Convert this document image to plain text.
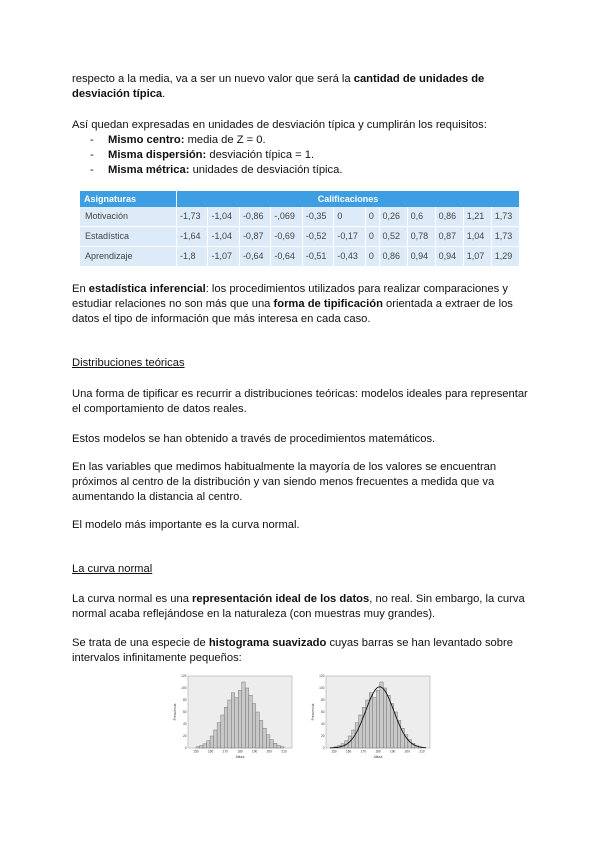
respecto a la media, va a ser un nuevo valor que será la cantidad de unidades de desviación típica.

Así quedan expresadas en unidades de desviación típica y cumplirán los requisitos:

- Mismo centro: media de Z = 0.
- Misma dispersión: desviación típica = 1.
- Misma métrica: unidades de desviación típica.
Asignaturas	Calificaciones											
Motivación	-1,73	-1,04	-0,86	-,069	-0,35	0	0	0,26	0,6	0,86	1,21	1,73
Estadística	-1,64	-1,04	-0,87	-0,69	-0,52	-0,17	0	0,52	0,78	0,87	1,04	1,73
Aprendizaje	-1,8	-1,07	-0,64	-0,64	-0,51	-0,43	0	0,86	0,94	0,94	1,07	1,29

En estadística inferencial: los procedimientos utilizados para realizar comparaciones y estudiar relaciones no son más que una forma de tipificación orientada a extraer de los datos el tipo de información que más interesa en cada caso.

Distribuciones teóricas

Una forma de tipificar es recurrir a distribuciones teóricas: modelos ideales para representar el comportamiento de datos reales.

Estos modelos se han obtenido a través de procedimientos matemáticos.

En las variables que medimos habitualmente la mayoría de los valores se encuentran próximos al centro de la distribución y van siendo menos frecuentes a medida que va aumentando la distancia al centro.

El modelo más importante es la curva normal.

La curva normal

La curva normal es una representación ideal de los datos, no real. Sin embargo, la curva normal acaba reflejándose en la naturaleza (con muestras muy grandes).

Se trata de una especie de histograma suavizado cuyas barras se han levantado sobre intervalos infinitamente pequeños:

120
100
80
60
40
20
0
150	160	170	180	190	200	210
Frecuencia
Altura
120
100
80
60
40
20
0
150	160	170	180	190	200	210
Frecuencia
Altura
